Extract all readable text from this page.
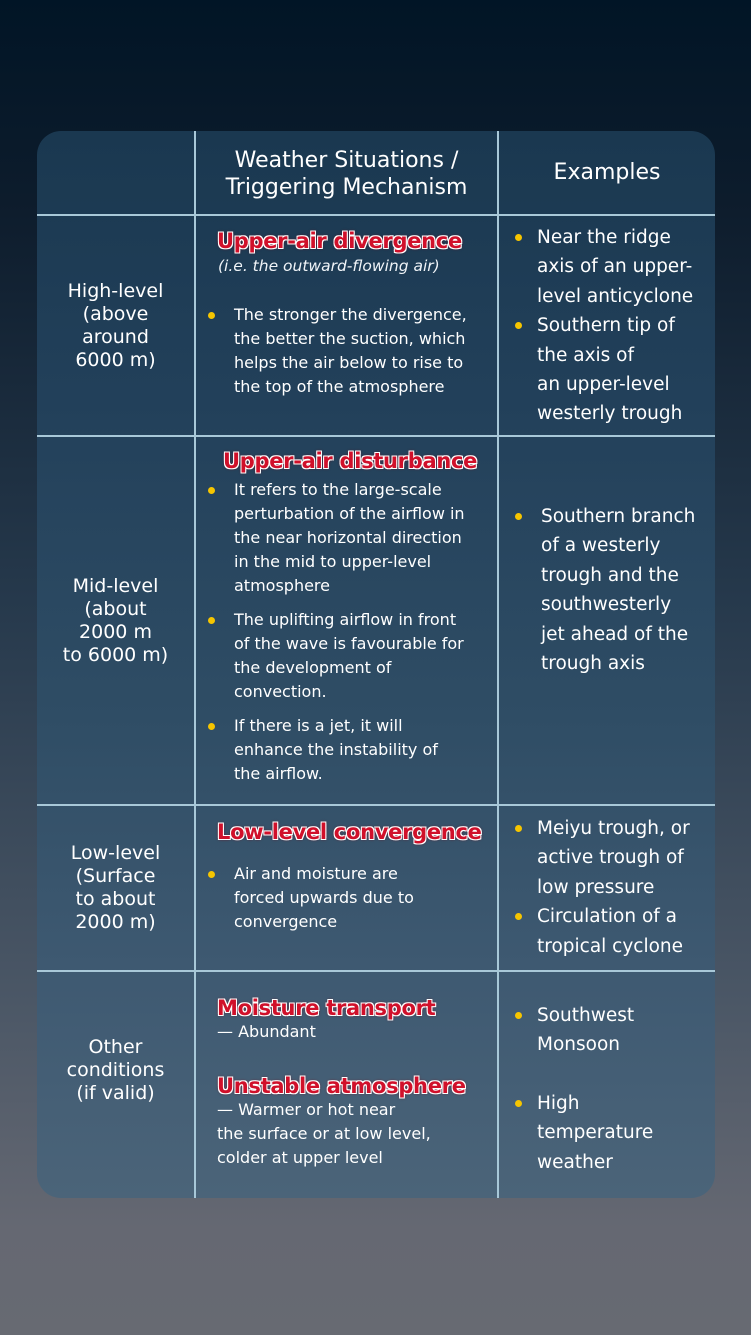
Weather Situations /
Triggering Mechanism
Examples
High-level
(above
around
6000 m)
Upper-air divergence
(i.e. the outward-flowing air)
The stronger the divergence,
the better the suction, which
helps the air below to rise to
the top of the atmosphere
Near the ridge
axis of an upper-
level anticyclone
Southern tip of
the axis of
an upper-level
westerly trough
Mid-level
(about
2000 m
to 6000 m)
Upper-air disturbance
It refers to the large-scale
perturbation of the airflow in
the near horizontal direction
in the mid to upper-level
atmosphere
The uplifting airflow in front
of the wave is favourable for
the development of
convection.
If there is a jet, it will
enhance the instability of
the airflow.
Southern branch
of a westerly
trough and the
southwesterly
jet ahead of the
trough axis
Low-level
(Surface
to about
2000 m)
Low-level convergence
Air and moisture are
forced upwards due to
convergence
Meiyu trough, or
active trough of
low pressure
Circulation of a
tropical cyclone
Other
conditions
(if valid)
Moisture transport
— Abundant
Unstable atmosphere
— Warmer or hot near
the surface or at low level,
colder at upper level
Southwest
Monsoon
High
temperature
weather
